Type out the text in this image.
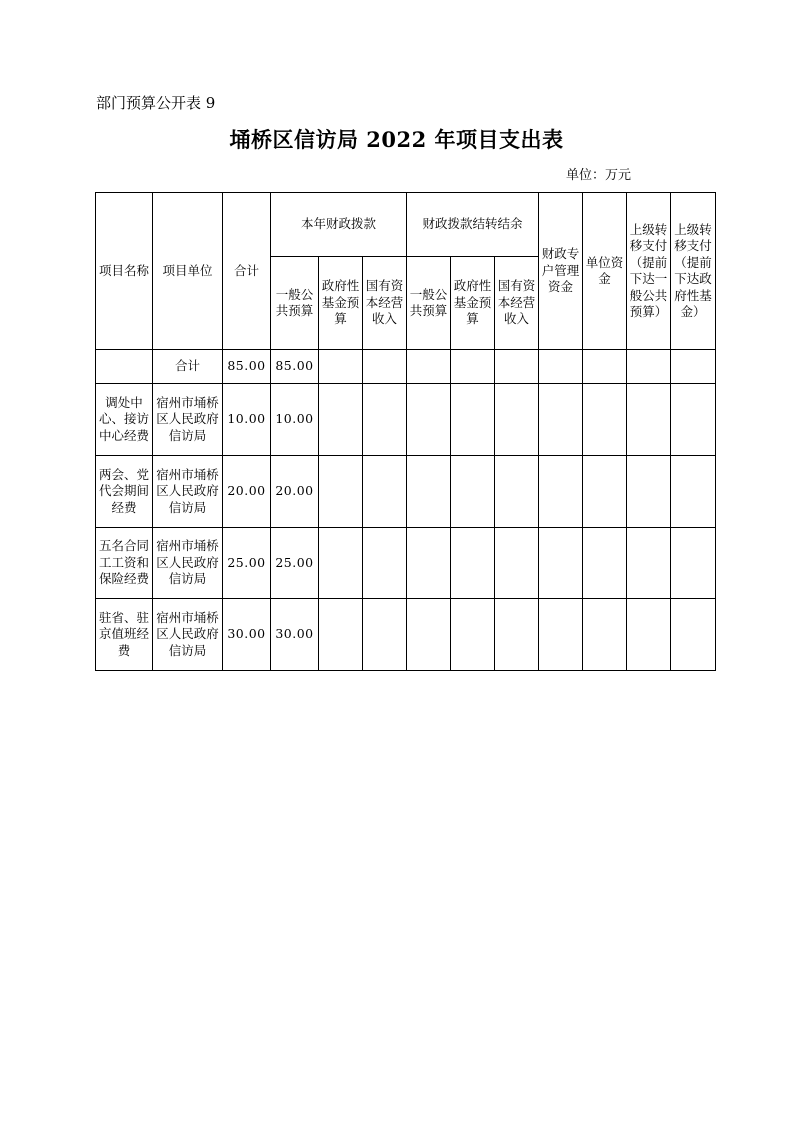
部门预算公开表 9
埇桥区信访局 2022 年项目支出表
单位：万元
项目名称	项目单位	合计	本年财政拨款			财政拨款结转结余			财政专户管理资金	单位资金	上级转移支付（提前下达一般公共预算）	上级转移支付（提前下达政府性基金）	

			一般公共预算	政府性基金预算	国有资本经营收入	一般公共预算	政府性基金预算	国有资本经营收入					

	合计	85.00	85.00										

调处中心、接访中心经费	宿州市埇桥区人民政府信访局	10.00	10.00										

两会、党代会期间经费	宿州市埇桥区人民政府信访局	20.00	20.00										

五名合同工工资和保险经费	宿州市埇桥区人民政府信访局	25.00	25.00										

驻省、驻京值班经费	宿州市埇桥区人民政府信访局	30.00	30.00										
